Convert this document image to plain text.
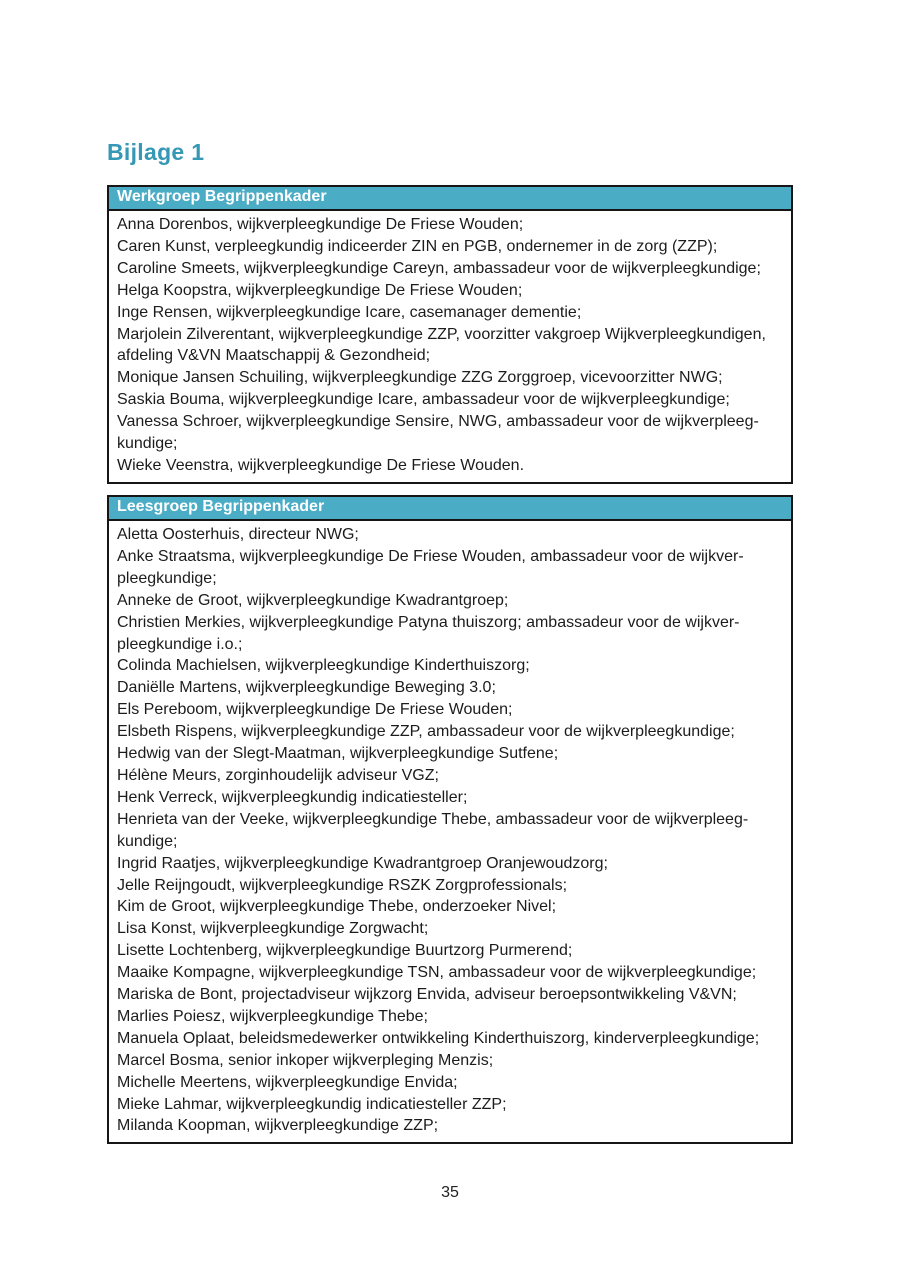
Bijlage 1
Werkgroep Begrippenkader
Anna Dorenbos, wijkverpleegkundige De Friese Wouden;
Caren Kunst, verpleegkundig indiceerder ZIN en PGB, ondernemer in de zorg (ZZP);
Caroline Smeets, wijkverpleegkundige Careyn, ambassadeur voor de wijkverpleegkundige;
Helga Koopstra, wijkverpleegkundige De Friese Wouden;
Inge Rensen, wijkverpleegkundige Icare, casemanager dementie;
Marjolein Zilverentant, wijkverpleegkundige ZZP, voorzitter vakgroep Wijkverpleegkundigen, afdeling V&VN Maatschappij & Gezondheid;
Monique Jansen Schuiling, wijkverpleegkundige ZZG Zorggroep, vicevoorzitter NWG;
Saskia Bouma, wijkverpleegkundige Icare, ambassadeur voor de wijkverpleegkundige;
Vanessa Schroer, wijkverpleegkundige Sensire, NWG, ambassadeur voor de wijkverpleegkundige;
Wieke Veenstra, wijkverpleegkundige De Friese Wouden.
Leesgroep Begrippenkader
Aletta Oosterhuis, directeur NWG;
Anke Straatsma, wijkverpleegkundige De Friese Wouden, ambassadeur voor de wijkverpleegkundige;
Anneke de Groot, wijkverpleegkundige Kwadrantgroep;
Christien Merkies, wijkverpleegkundige Patyna thuiszorg; ambassadeur voor de wijkverpleegkundige i.o.;
Colinda Machielsen, wijkverpleegkundige Kinderthuiszorg;
Daniëlle Martens, wijkverpleegkundige Beweging 3.0;
Els Pereboom, wijkverpleegkundige De Friese Wouden;
Elsbeth Rispens, wijkverpleegkundige ZZP, ambassadeur voor de wijkverpleegkundige;
Hedwig van der Slegt-Maatman, wijkverpleegkundige Sutfene;
Hélène Meurs, zorginhoudelijk adviseur VGZ;
Henk Verreck, wijkverpleegkundig indicatiesteller;
Henrieta van der Veeke, wijkverpleegkundige Thebe, ambassadeur voor de wijkverpleegkundige;
Ingrid Raatjes, wijkverpleegkundige Kwadrantgroep Oranjewoudzorg;
Jelle Reijngoudt, wijkverpleegkundige RSZK Zorgprofessionals;
Kim de Groot, wijkverpleegkundige Thebe, onderzoeker Nivel;
Lisa Konst, wijkverpleegkundige Zorgwacht;
Lisette Lochtenberg, wijkverpleegkundige Buurtzorg Purmerend;
Maaike Kompagne, wijkverpleegkundige TSN, ambassadeur voor de wijkverpleegkundige;
Mariska de Bont, projectadviseur wijkzorg Envida, adviseur beroepsontwikkeling V&VN;
Marlies Poiesz, wijkverpleegkundige Thebe;
Manuela Oplaat, beleidsmedewerker ontwikkeling Kinderthuiszorg, kinderverpleegkundige;
Marcel Bosma, senior inkoper wijkverpleging Menzis;
Michelle Meertens, wijkverpleegkundige Envida;
Mieke Lahmar, wijkverpleegkundig indicatiesteller ZZP;
Milanda Koopman, wijkverpleegkundige ZZP;
35
